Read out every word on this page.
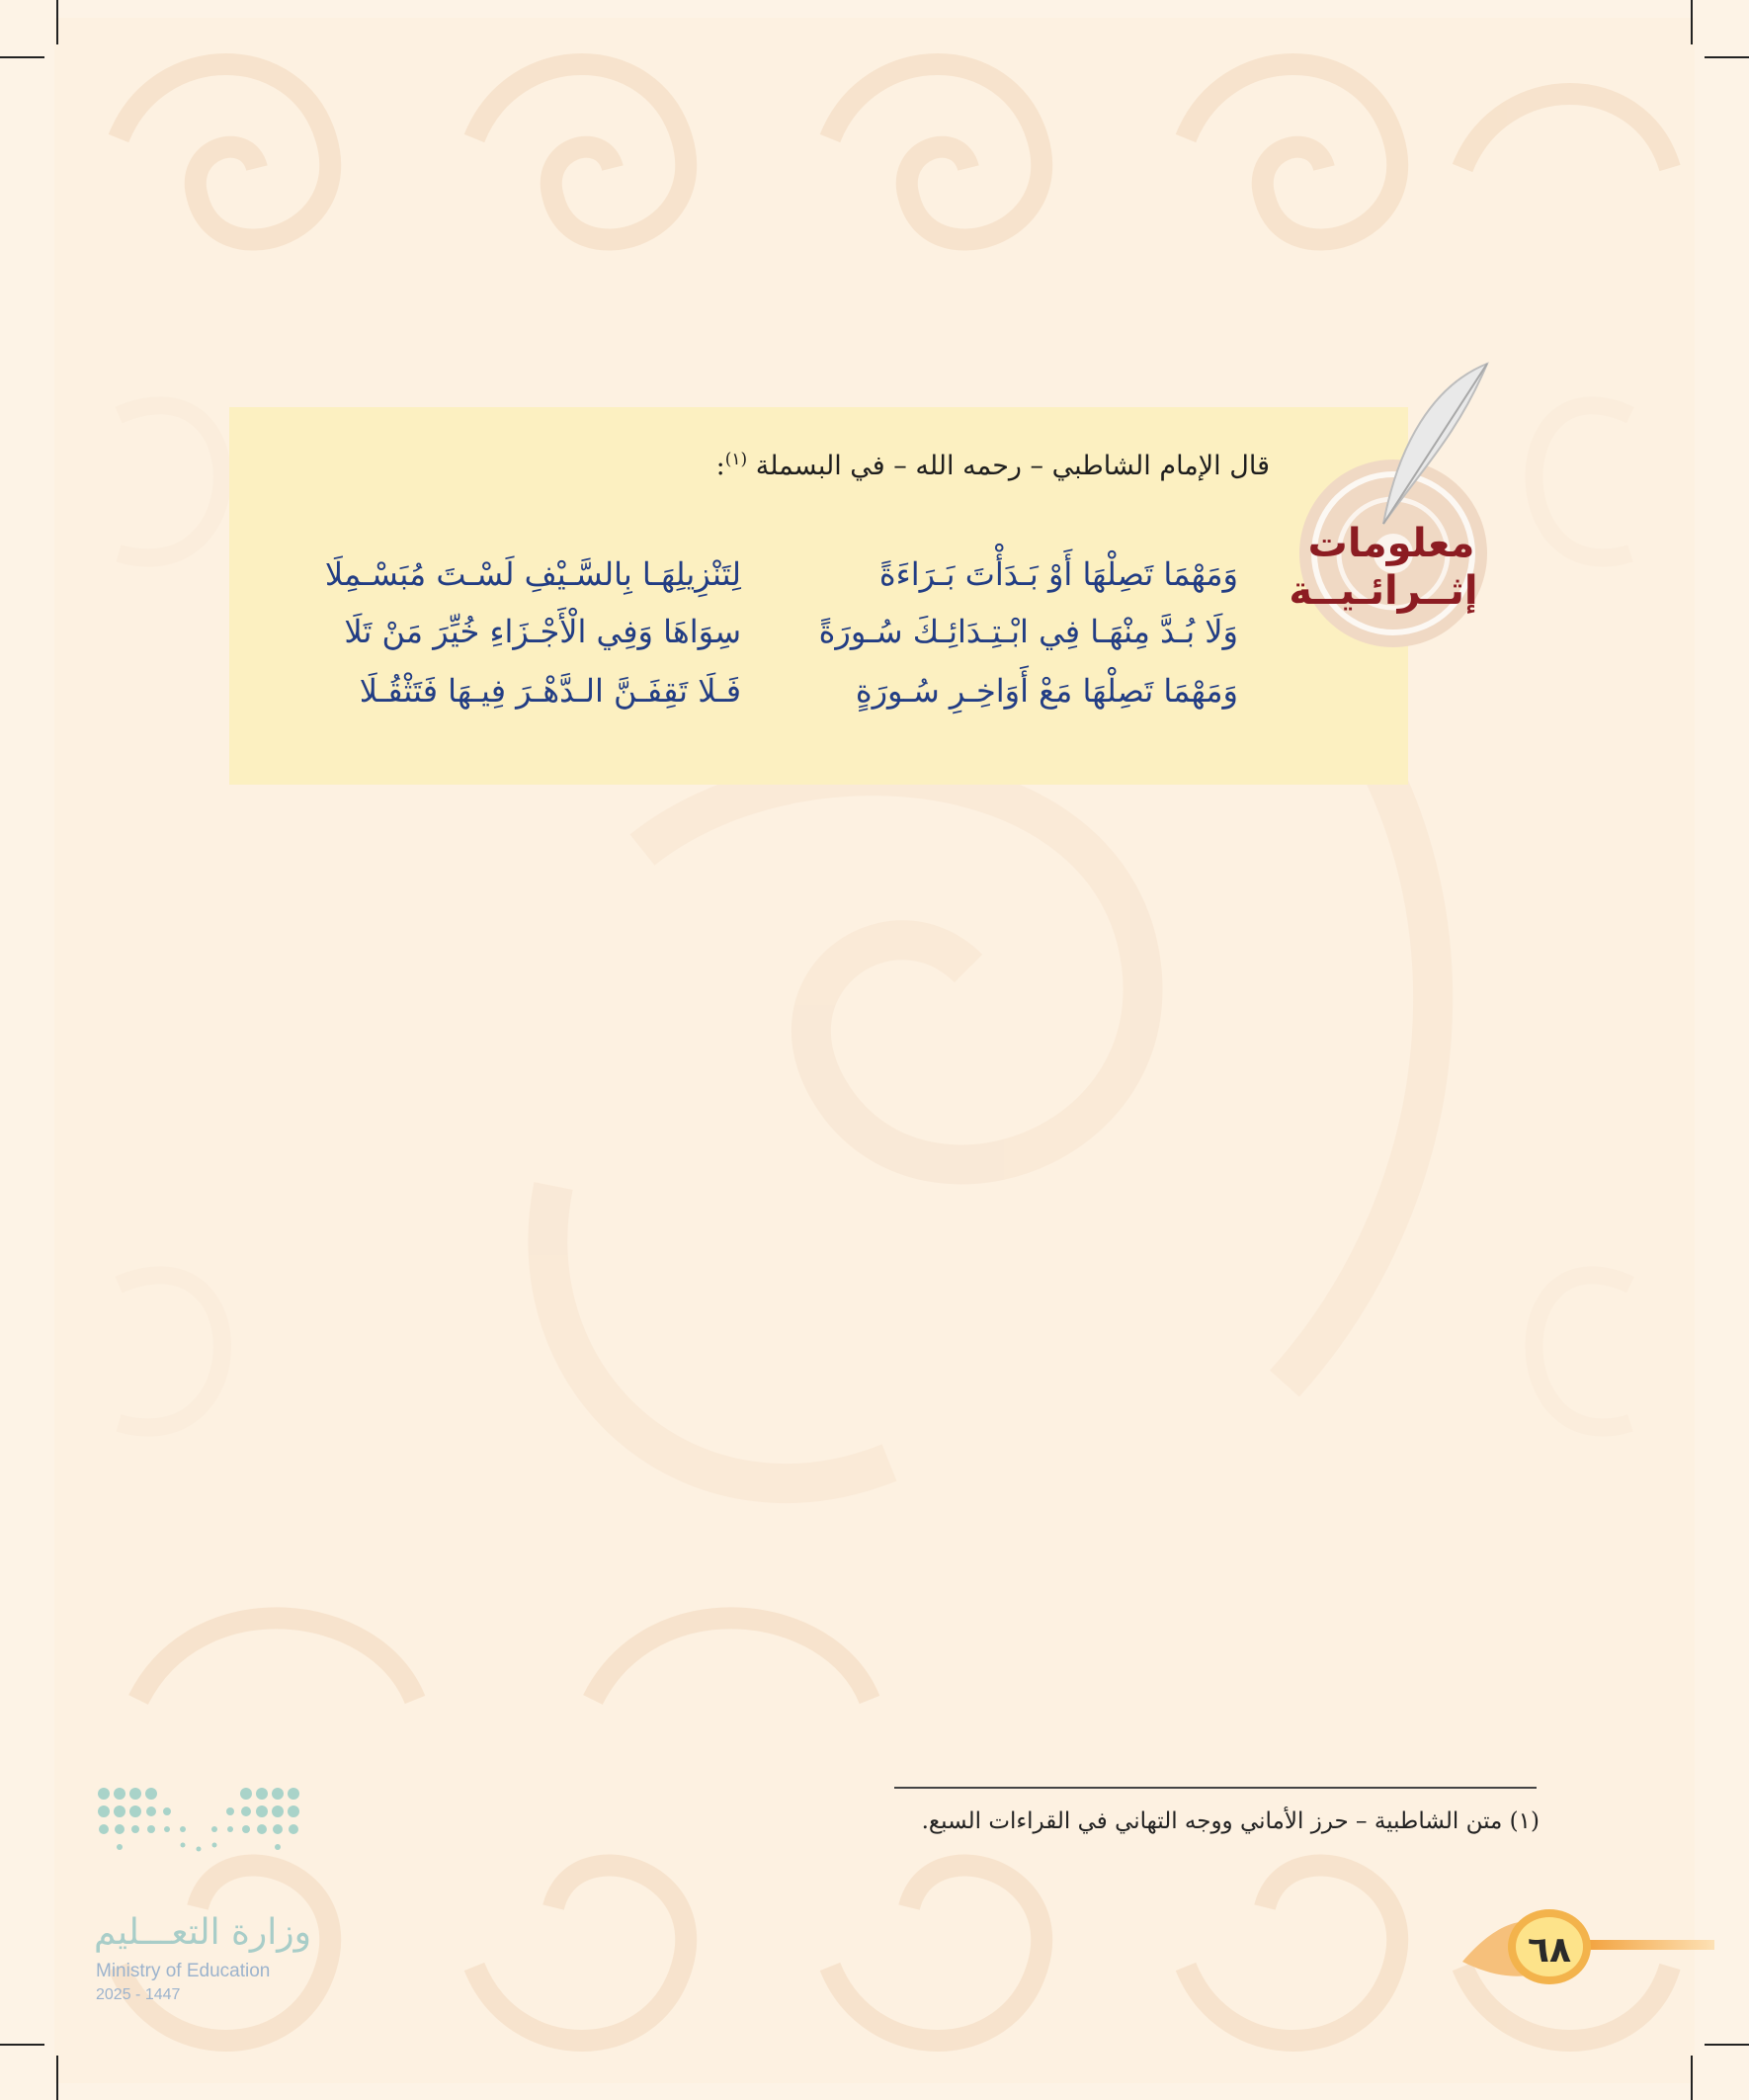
قال الإمام الشاطبي – رحمه الله – في البسملة $^{(١)}$:
وَمَهْمَا تَصِلْهَا أَوْ بَـدَأْتَ بَـرَاءَةً
لِتَنْزِيلِهَـا بِالسَّـيْفِ لَسْـتَ مُبَسْـمِلَا
وَلَا بُـدَّ مِنْهَـا فِي ابْـتِـدَائِـكَ سُـورَةً
سِوَاهَا وَفِي الْأَجْـزَاءِ خُيِّرَ مَنْ تَلَا
وَمَهْمَا تَصِلْهَا مَعْ أَوَاخِـرِ سُـورَةٍ
فَـلَا تَقِفَـنَّ الـدَّهْـرَ فِيـهَا فَتَثْقُـلَا
معلومات
إثــرائـيــة
(١) متن الشاطبية – حرز الأماني ووجه التهاني في القراءات السبع.
وزارة التعـــليم
Ministry of Education
2025 - 1447
٦٨
